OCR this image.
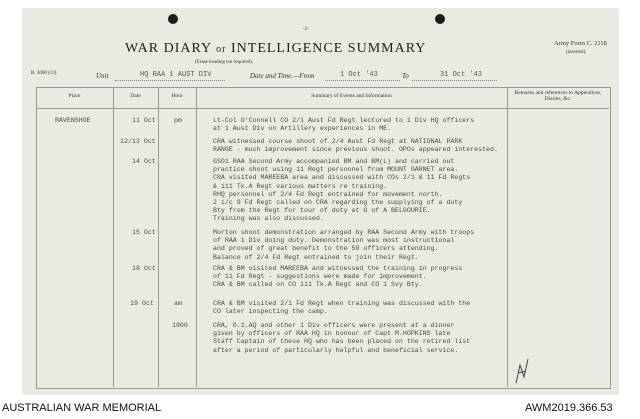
-2-
B. 3000 (13)
WAR DIARY or INTELLIGENCE SUMMARY
(Erase heading not required).
Army Form C. 2118
(inserted).
Unit	HQ RAA 1 AUST DIV	Date and Time.—From	1 Oct '43	To	31 Oct '43
Place	Date	Hour	Summary of Events and Information	Remarks and references to Appendices, Diaries, &c.
RAVENSHOE	11 Oct	pm	Lt-Col O'Connell CO 2/1 Aust Fd Regt lectured to 1 Div HQ officers
at 1 Aust Div on Artillery experiences in ME.
12/13 Oct	CRA witnessed course shoot of 2/4 Aust Fd Regt at NATIONAL PARK
RANGE - much improvement since previous shoot. OPOs appeared interested.
14 Oct	GSO1 RAA Second Army accompanied BM and BM(L) and carried out
practice shoot using 11 Regt personnel from MOUNT GARNET area.
CRA visited MAREEBA area and discussed with COs 2/1 & 11 Fd Regts
& 111 Tk.A Regt various matters re training.
RHQ personnel of 2/4 Fd Regt entrained for movement north.
2 i/c 9 Fd Regt called on CRA regarding the supplying of a duty
Bty from the Regt for tour of duty at G of A BELGOURIE.
Training was also discussed.
15 Oct	Morton shoot demonstration arranged by RAA Second Army with troops
of RAA 1 Div doing duty. Demonstration was most instructional
and proved of great benefit to the 50 officers attending.
Balance of 2/4 Fd Regt entrained to join their Regt.
18 Oct	CRA & BM visited MAREEBA and witnessed the training in progress
of 11 Fd Regt - suggestions were made for improvement.
CRA & BM called on CO 111 Tk.A Regt and CO 1 Svy Bty.
19 Oct	am	CRA & BM visited 2/1 Fd Regt when training was discussed with the
CO later inspecting the camp.
1800	CRA, G.1.AQ and other 1 Div officers were present at a dinner
given by officers of RAA HQ in honour of Capt M.HOPKINS late
Staff Captain of these HQ who has been placed on the retired list
after a period of particularly helpful and beneficial service.
AUSTRALIAN WAR MEMORIAL	AWM2019.366.53
